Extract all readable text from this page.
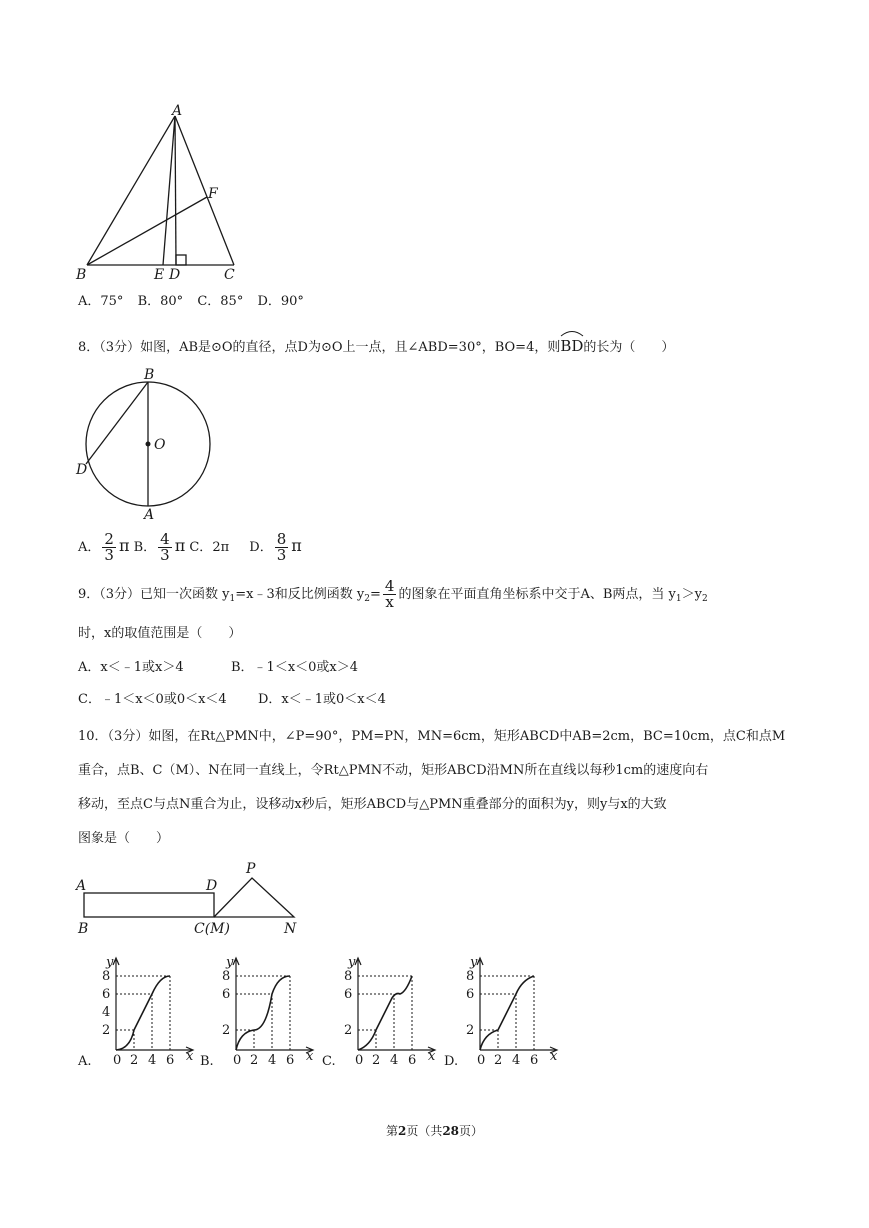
A
F
B	E D	C
A．75° B．80° C．85° D．90°
8．（3分）如图，AB是⊙O的直径，点D为⊙O上一点，且∠ABD=30°，BO=4，则
BD的长为（　　）
B
O
D
A
A． $\frac{2}{3}$ π B． $\frac{4}{3}$ π C．2π D． $\frac{8}{3}$ π
9．（3分）已知一次函数 $y_1=x﹣3$和反比例函数 $y_2= \frac{4}{x}$ 的图象在平面直角坐标系中交于A、B两点，当 $y_1>y_2$
时，x的取值范围是（　　）
A．x＜﹣1或x＞4	B．﹣1＜x＜0或x＞4
C．﹣1＜x＜0或0＜x＜4 D．x＜﹣1或0＜x＜4
10．（3分）如图，在Rt△PMN中，∠P=90°，PM=PN，MN=6cm，矩形ABCD中AB=2cm，BC=10cm，点C和点M
重合，点B、C（M）、N在同一直线上，令Rt△PMN不动，矩形ABCD沿MN所在直线以每秒1cm的速度向右
移动，至点C与点N重合为止，设移动x秒后，矩形ABCD与△PMN重叠部分的面积为y，则y与x的大致
图象是（　　）
A	D
P
B	C(M)	N
A.
y
x
8
6
4
2
0 2 4 6 B.
y
x
8
6
2
0 2 4 6 C.
y
x
8
6
2
0 2 4 6 D.
y
x
8
6
2
0 2 4 6
第2页（共28页）
